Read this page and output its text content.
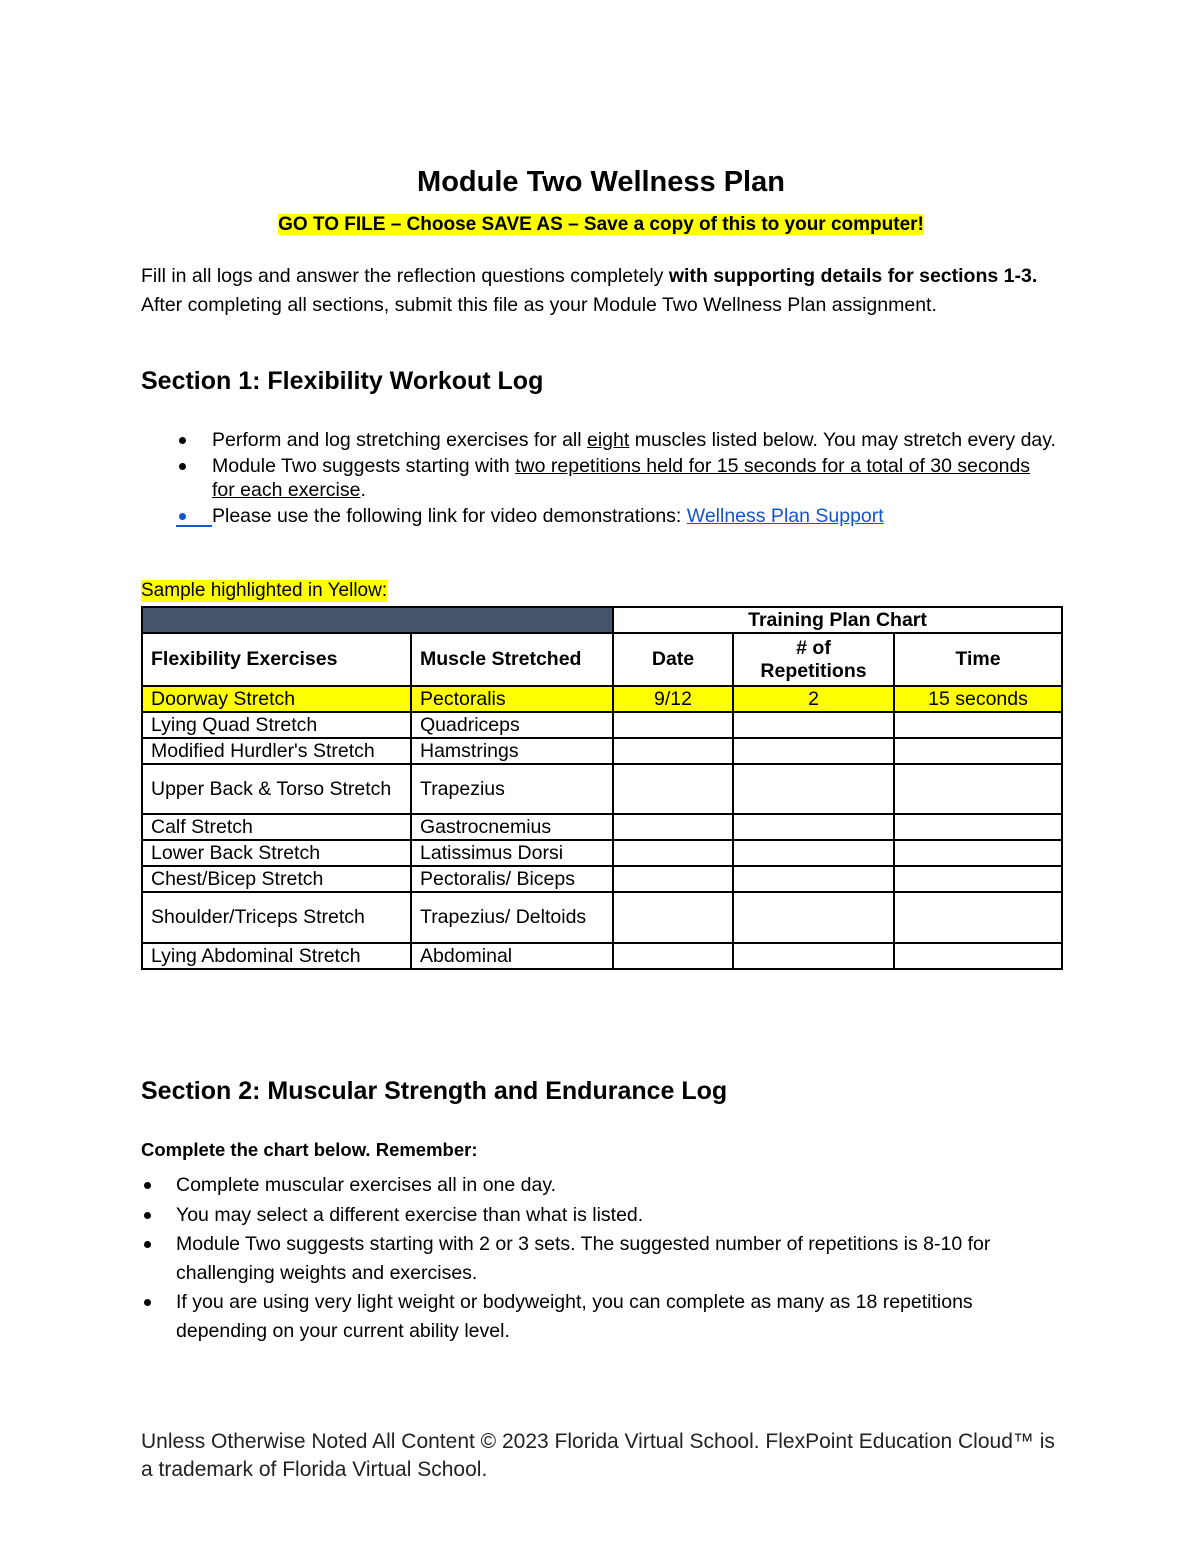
Module Two Wellness Plan
GO TO FILE – Choose SAVE AS – Save a copy of this to your computer!

Fill in all logs and answer the reflection questions completely with supporting details for sections 1-3. After completing all sections, submit this file as your Module Two Wellness Plan assignment.

Section 1: Flexibility Workout Log
Perform and log stretching exercises for all eight muscles listed below. You may stretch every day.
Module Two suggests starting with two repetitions held for 15 seconds for a total of 30 seconds for each exercise.
Please use the following link for video demonstrations: Wellness Plan Support
Sample highlighted in Yellow:
		Training Plan Chart		
Flexibility Exercises	Muscle Stretched	Date	# of Repetitions	Time
Doorway Stretch	Pectoralis	9/12	2	15 seconds
Lying Quad Stretch	Quadriceps			
Modified Hurdler's Stretch	Hamstrings			
Upper Back & Torso Stretch	Trapezius			
Calf Stretch	Gastrocnemius			
Lower Back Stretch	Latissimus Dorsi			
Chest/Bicep Stretch	Pectoralis/ Biceps			
Shoulder/Triceps Stretch	Trapezius/ Deltoids			
Lying Abdominal Stretch	Abdominal			
Section 2: Muscular Strength and Endurance Log
Complete the chart below. Remember:
Complete muscular exercises all in one day.
You may select a different exercise than what is listed.
Module Two suggests starting with 2 or 3 sets. The suggested number of repetitions is 8-10 for challenging weights and exercises.
If you are using very light weight or bodyweight, you can complete as many as 18 repetitions depending on your current ability level.
Unless Otherwise Noted All Content © 2023 Florida Virtual School. FlexPoint Education Cloud™ is a trademark of Florida Virtual School.
